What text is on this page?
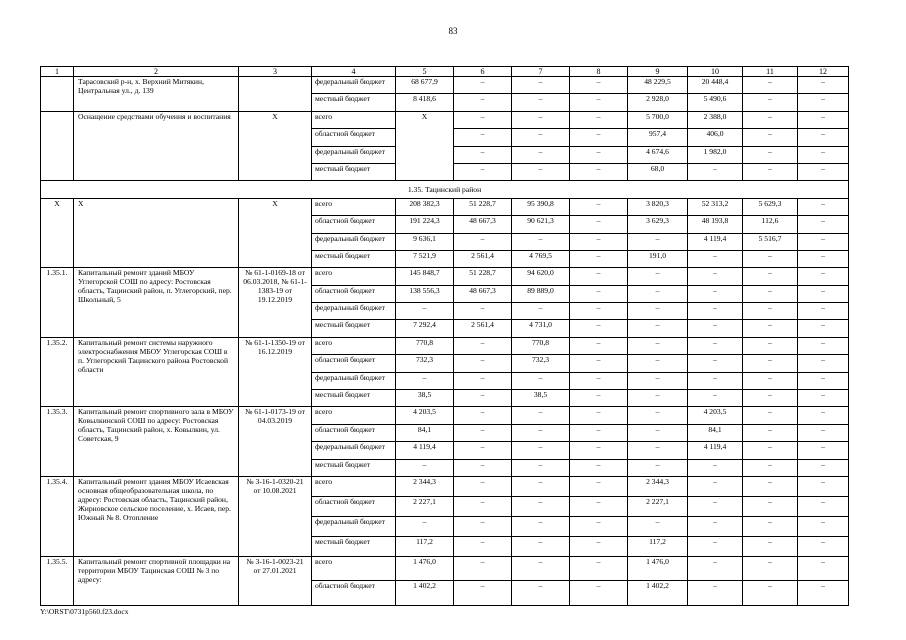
83
1	2	3	4	5	6	7	8	9	10	11	12
	Тарасовский р-н, х. Верхний Митякин, Центральная ул., д. 139		федеральный бюджет	68 677,9	–	–	–	48 229,5	20 448,4	–	–
			местный бюджет	8 418,6	–	–	–	2 928,0	5 490,6	–	–
	Оснащение средствами обучения и воспитания	X	всего	X	–	–	–	5 700,0	2 388,0	–	–
			областной бюджет		–	–	–	957,4	406,0	–	–
			федеральный бюджет		–	–	–	4 674,6	1 982,0	–	–
			местный бюджет		–	–	–	68,0	–	–	–
1.35. Тацинский район											
X	X	X	всего	208 382,3	51 228,7	95 390,8	–	3 820,3	52 313,2	5 629,3	–
			областной бюджет	191 224,3	48 667,3	90 621,3	–	3 629,3	48 193,8	112,6	–
			федеральный бюджет	9 636,1	–	–	–	–	4 119,4	5 516,7	–
			местный бюджет	7 521,9	2 561,4	4 769,5	–	191,0	–	–	–
1.35.1.	Капитальный ремонт зданий МБОУ Углегорской СОШ по адресу: Ростовская область, Тацинский район, п. Углегорский, пер. Школьный, 5	№ 61-1-0169-18 от 06.03.2018, № 61-1-1383-19 от 19.12.2019	всего	145 848,7	51 228,7	94 620,0	–	–	–	–	–
			областной бюджет	138 556,3	48 667,3	89 889,0	–	–	–	–	–
			федеральный бюджет	–	–	–	–	–	–	–	–
			местный бюджет	7 292,4	2 561,4	4 731,0	–	–	–	–	–
1.35.2.	Капитальный ремонт системы наружного электроснабжения МБОУ Углегорская СОШ в п. Углегорский Тацинского района Ростовской области	№ 61-1-1350-19 от 16.12.2019	всего	770,8	–	770,8	–	–	–	–	–
			областной бюджет	732,3	–	732,3	–	–	–	–	–
			федеральный бюджет	–	–	–	–	–	–	–	–
			местный бюджет	38,5	–	38,5	–	–	–	–	–
1.35.3.	Капитальный ремонт спортивного зала в МБОУ Ковылкинской СОШ по адресу: Ростовская область, Тацинский район, х. Ковылкин, ул. Советская, 9	№ 61-1-0173-19 от 04.03.2019	всего	4 203,5	–	–	–	–	4 203,5	–	–
			областной бюджет	84,1	–	–	–	–	84,1	–	–
			федеральный бюджет	4 119,4	–	–	–	–	4 119,4	–	–
			местный бюджет	–	–	–	–	–	–	–	–
1.35.4.	Капитальный ремонт здания МБОУ Исаевская основная общеобразовательная школа, по адресу: Ростовская область, Тацинский район, Жирновское сельское поселение, х. Исаев, пер. Южный № 8. Отопление	№ 3-16-1-0320-21 от 10.08.2021	всего	2 344,3	–	–	–	2 344,3	–	–	–
			областной бюджет	2 227,1	–	–	–	2 227,1	–	–	–
			федеральный бюджет	–	–	–	–	–	–	–	–
			местный бюджет	117,2	–	–	–	117,2	–	–	–
1.35.5.	Капитальный ремонт спортивной площадки на территории МБОУ Тацинская СОШ № 3 по адресу:	№ 3-16-1-0023-21 от 27.01.2021	всего	1 476,0	–	–	–	1 476,0	–	–	–
			областной бюджет	1 402,2	–	–	–	1 402,2	–	–	–
Y:\ORST\0731p560.f23.docx
